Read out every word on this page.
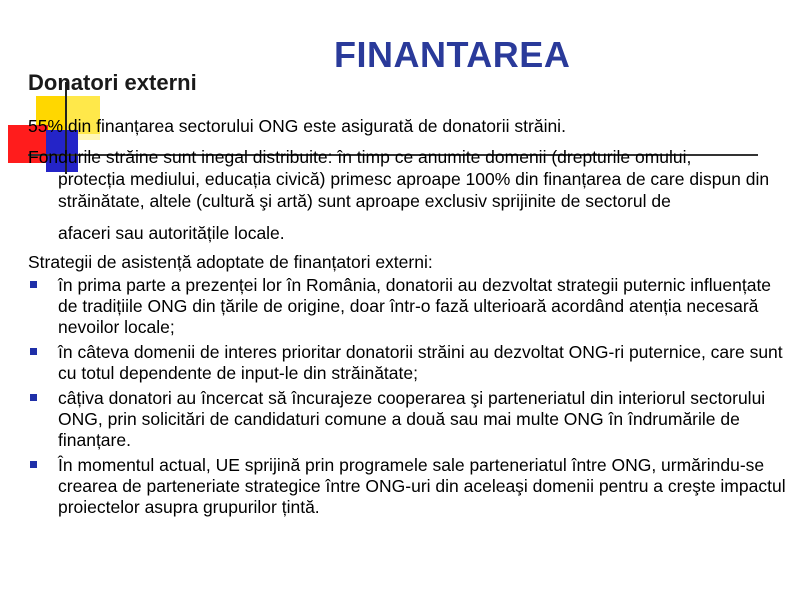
FINANTAREA
Donatori externi
55% din finanțarea sectorului ONG este asigurată de donatorii străini.
Fondurile străine sunt inegal distribuite: în timp ce anumite domenii (drepturile omului,
protecția mediului, educația civică) primesc aproape 100% din finanțarea de care dispun din străinătate, altele (cultură şi artă) sunt aproape exclusiv sprijinite de sectorul de
afaceri sau autoritățile locale.
Strategii de asistență adoptate de finanțatori externi:
în prima parte a prezenței lor în România, donatorii au dezvoltat strategii puternic influențate de tradițiile ONG din țările de origine, doar într-o fază ulterioară acordând atenția necesară nevoilor locale;
în câteva domenii de interes prioritar donatorii străini au dezvoltat ONG-ri puternice, care sunt cu totul dependente de input-le din străinătate;
câțiva donatori au încercat să încurajeze cooperarea şi parteneriatul din interiorul sectorului ONG, prin solicitări de candidaturi comune a două sau mai multe ONG în îndrumările de finanțare.
În momentul actual, UE sprijină prin programele sale parteneriatul între ONG, urmărindu-se crearea de parteneriate strategice între ONG-uri din aceleaşi domenii pentru a creşte impactul proiectelor asupra grupurilor țintă.
